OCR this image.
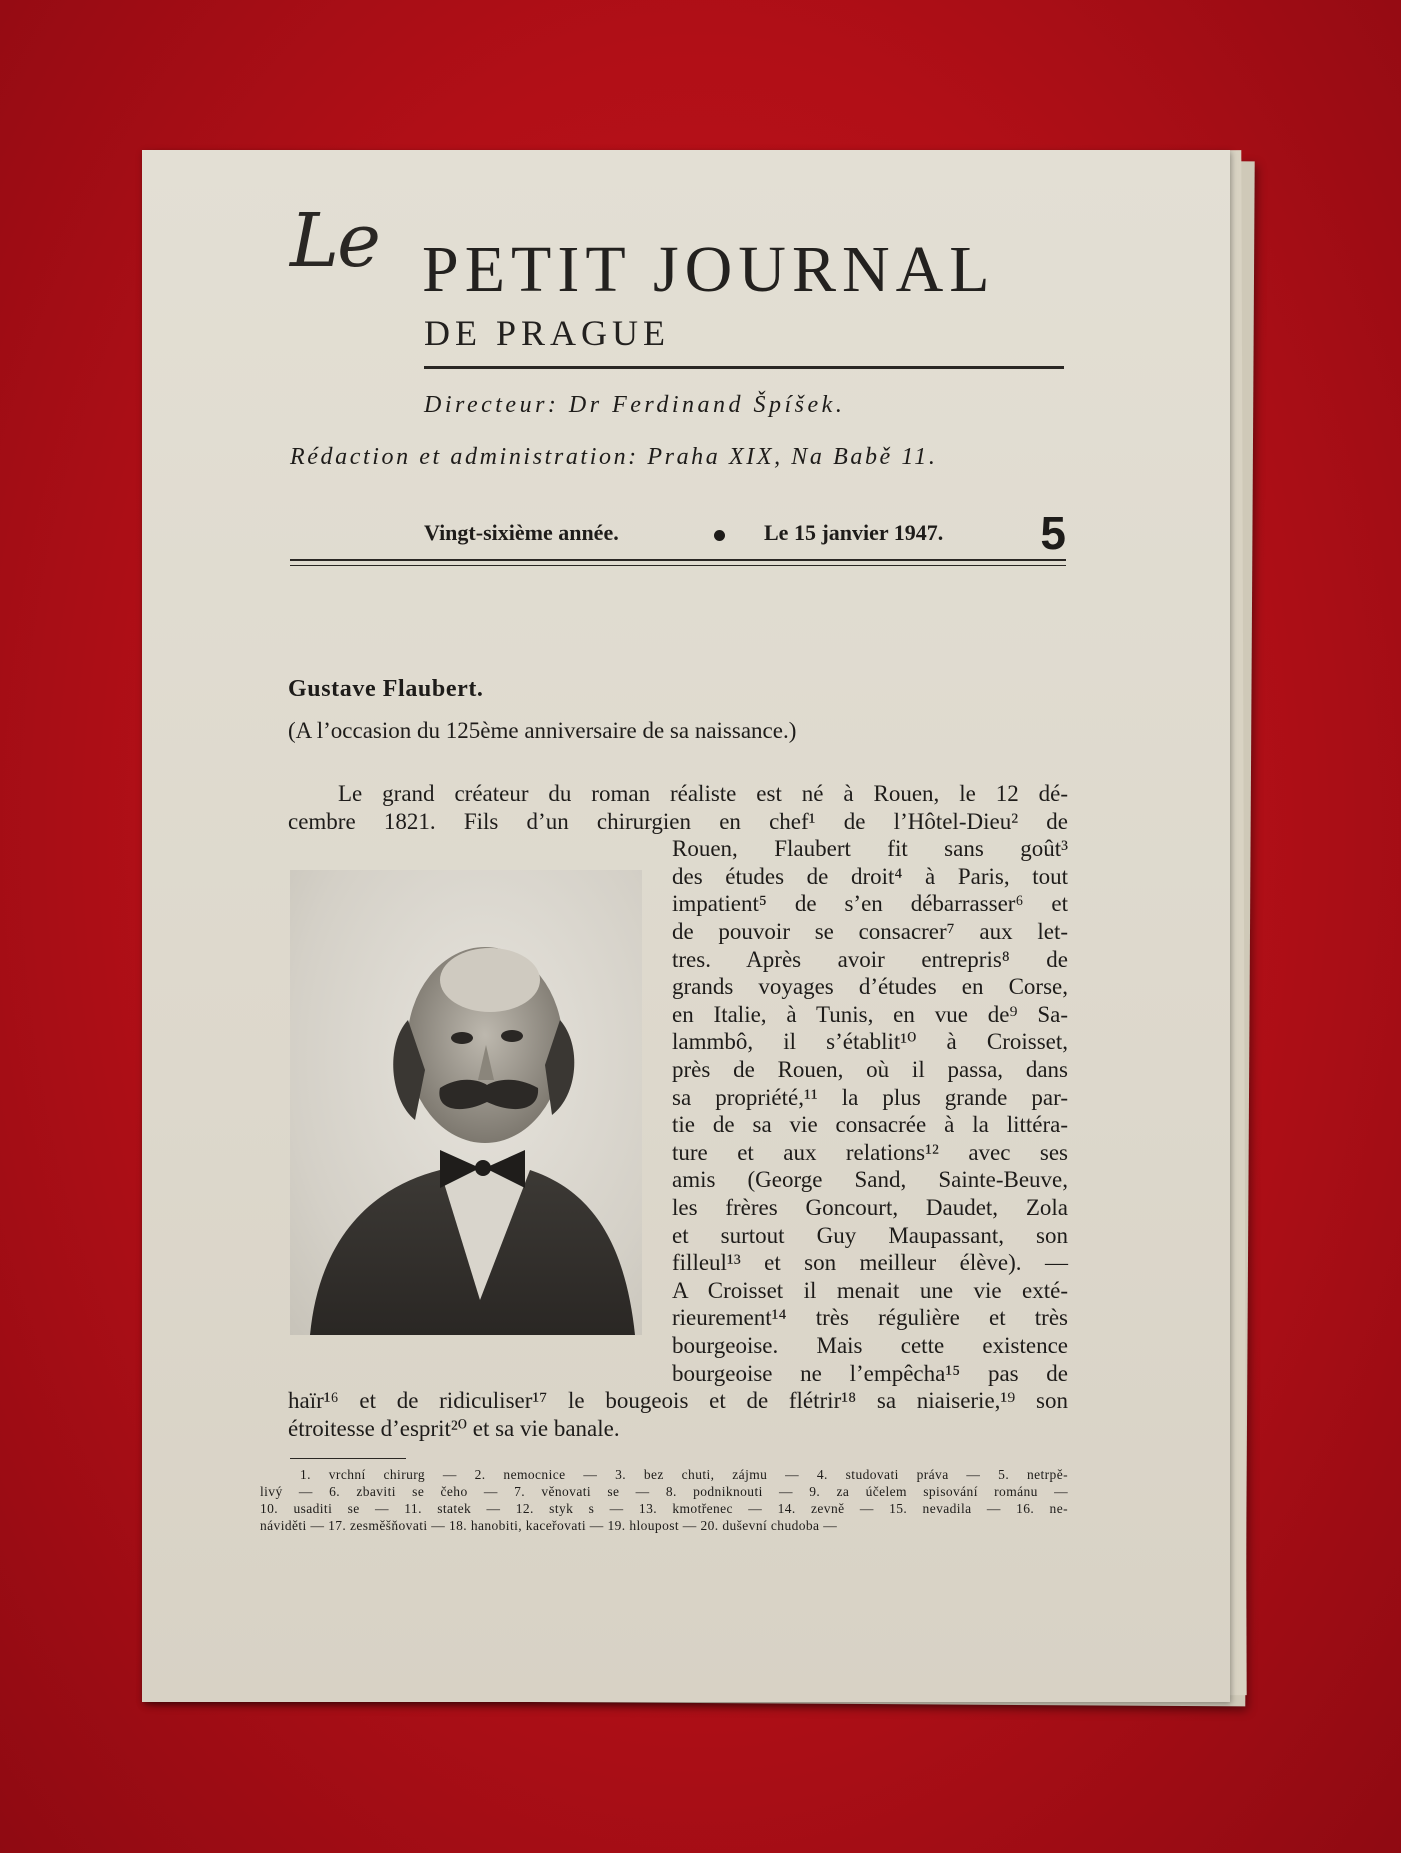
Le PETIT JOURNAL
DE PRAGUE
Directeur: Dr Ferdinand Špíšek.
Rédaction et administration: Praha XIX, Na Babě 11.
Vingt-sixième année.	Le 15 janvier 1947. 5
Gustave Flaubert.
(A l’occasion du 125ème anniversaire de sa naissance.)
Le grand créateur du roman réaliste est né à Rouen, le 12 dé-
cembre 1821. Fils d’un chirurgien en chef¹ de l’Hôtel-Dieu² de
Rouen, Flaubert fit sans goût³
des études de droit⁴ à Paris, tout
impatient⁵ de s’en débarrasser⁶ et
de pouvoir se consacrer⁷ aux let-
tres. Après avoir entrepris⁸ de
grands voyages d’études en Corse,
en Italie, à Tunis, en vue de⁹ Sa-
lammbô, il s’établit¹⁰ à Croisset,
près de Rouen, où il passa, dans
sa propriété,¹¹ la plus grande par-
tie de sa vie consacrée à la littéra-
ture et aux relations¹² avec ses
amis (George Sand, Sainte-Beuve,
les frères Goncourt, Daudet, Zola
et surtout Guy Maupassant, son
filleul¹³ et son meilleur élève). —
A Croisset il menait une vie exté-
rieurement¹⁴ très régulière et très
bourgeoise. Mais cette existence
bourgeoise ne l’empêcha¹⁵ pas de
haïr¹⁶ et de ridiculiser¹⁷ le bougeois et de flétrir¹⁸ sa niaiserie,¹⁹ son
étroitesse d’esprit²⁰ et sa vie banale.
1. vrchní chirurg — 2. nemocnice — 3. bez chuti, zájmu — 4. studovati práva — 5. netrpě-
livý — 6. zbaviti se čeho — 7. věnovati se — 8. podniknouti — 9. za účelem spisování románu —
10. usaditi se — 11. statek — 12. styk s — 13. kmotřenec — 14. zevně — 15. nevadila — 16. ne-
náviděti — 17. zesměšňovati — 18. hanobiti, kaceřovati — 19. hloupost — 20. duševní chudoba —
